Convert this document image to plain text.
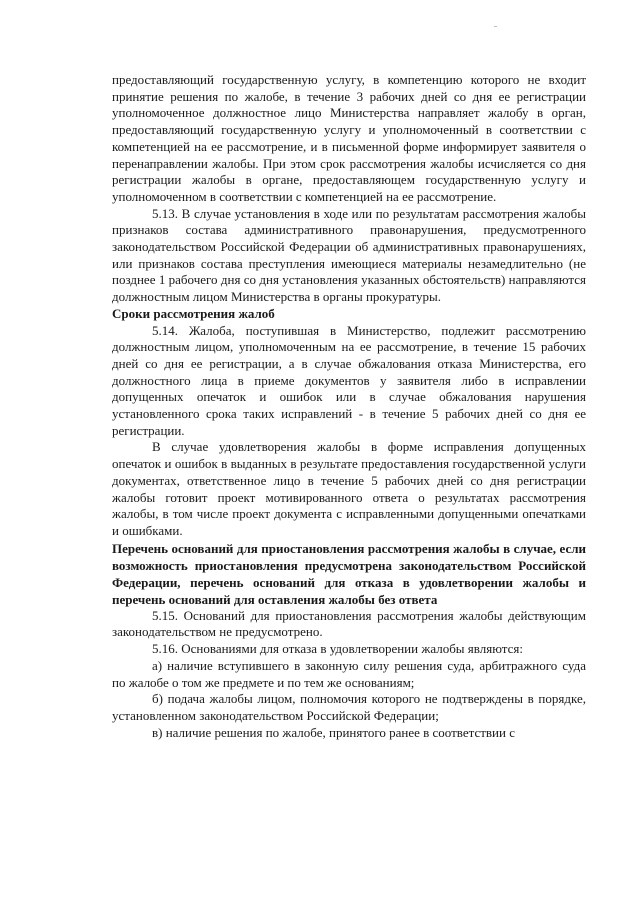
предоставляющий государственную услугу, в компетенцию которого не входит принятие решения по жалобе, в течение 3 рабочих дней со дня ее регистрации уполномоченное должностное лицо Министерства направляет жалобу в орган, предоставляющий государственную услугу и уполномоченный в соответствии с компетенцией на ее рассмотрение, и в письменной форме информирует заявителя о перенаправлении жалобы. При этом срок рассмотрения жалобы исчисляется со дня регистрации жалобы в органе, предоставляющем государственную услугу и уполномоченном в соответствии с компетенцией на ее рассмотрение.

5.13. В случае установления в ходе или по результатам рассмотрения жалобы признаков состава административного правонарушения, предусмотренного законодательством Российской Федерации об административных правонарушениях, или признаков состава преступления имеющиеся материалы незамедлительно (не позднее 1 рабочего дня со дня установления указанных обстоятельств) направляются должностным лицом Министерства в органы прокуратуры.

Сроки рассмотрения жалоб

5.14. Жалоба, поступившая в Министерство, подлежит рассмотрению должностным лицом, уполномоченным на ее рассмотрение, в течение 15 рабочих дней со дня ее регистрации, а в случае обжалования отказа Министерства, его должностного лица в приеме документов у заявителя либо в исправлении допущенных опечаток и ошибок или в случае обжалования нарушения установленного срока таких исправлений - в течение 5 рабочих дней со дня ее регистрации.

В случае удовлетворения жалобы в форме исправления допущенных опечаток и ошибок в выданных в результате предоставления государственной услуги документах, ответственное лицо в течение 5 рабочих дней со дня регистрации жалобы готовит проект мотивированного ответа о результатах рассмотрения жалобы, в том числе проект документа с исправленными допущенными опечатками и ошибками.

Перечень оснований для приостановления рассмотрения жалобы в случае, если возможность приостановления предусмотрена законодательством Российской Федерации, перечень оснований для отказа в удовлетворении жалобы и перечень оснований для оставления жалобы без ответа

5.15. Оснований для приостановления рассмотрения жалобы действующим законодательством не предусмотрено.

5.16. Основаниями для отказа в удовлетворении жалобы являются:

а) наличие вступившего в законную силу решения суда, арбитражного суда по жалобе о том же предмете и по тем же основаниям;

б) подача жалобы лицом, полномочия которого не подтверждены в порядке, установленном законодательством Российской Федерации;

в) наличие решения по жалобе, принятого ранее в соответствии с
